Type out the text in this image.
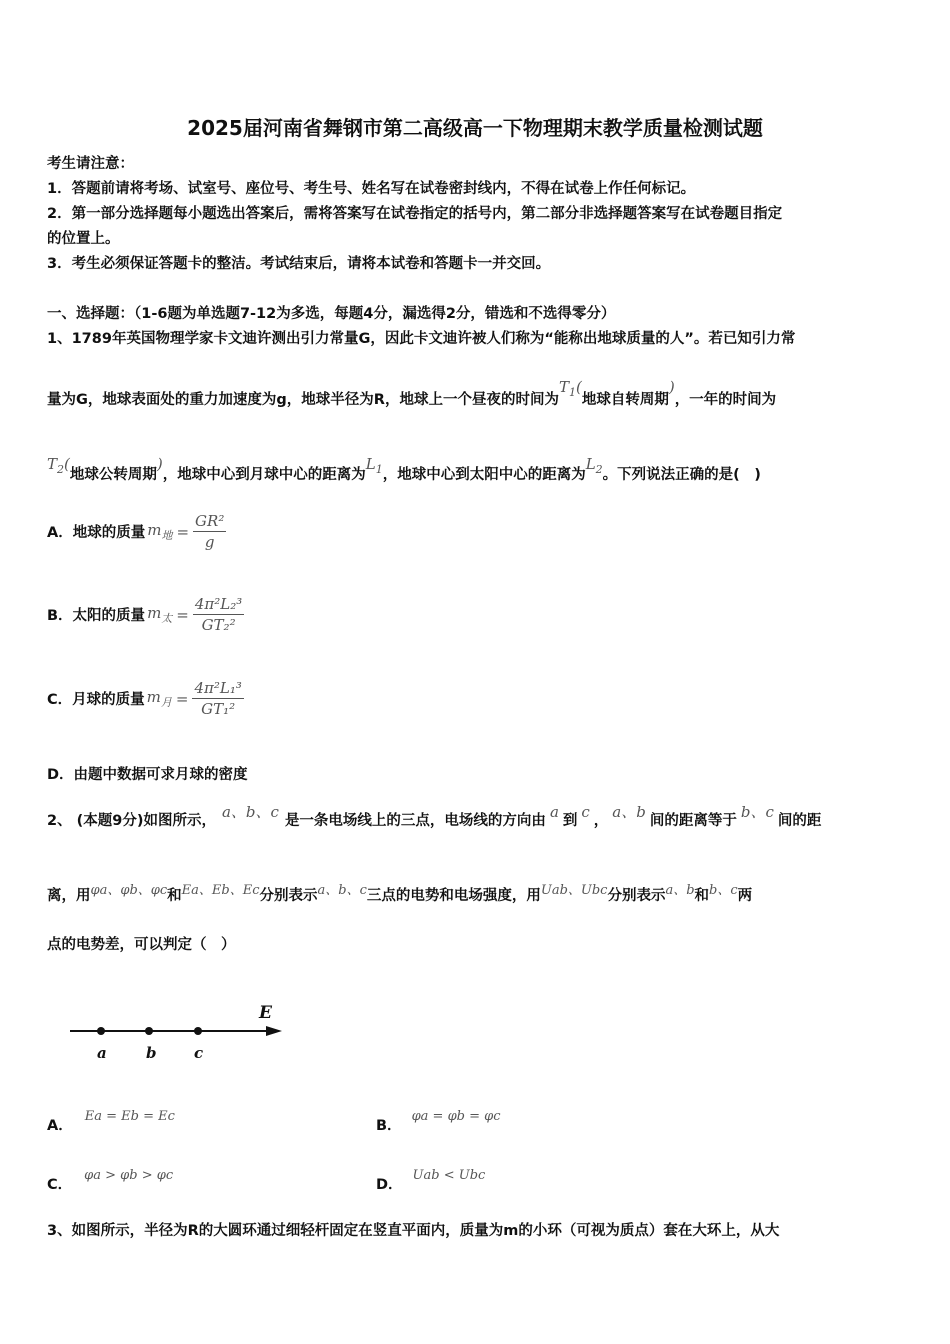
2025届河南省舞钢市第二高级高一下物理期末教学质量检测试题
考生请注意：
1．答题前请将考场、试室号、座位号、考生号、姓名写在试卷密封线内，不得在试卷上作任何标记。
2．第一部分选择题每小题选出答案后，需将答案写在试卷指定的括号内，第二部分非选择题答案写在试卷题目指定
的位置上。
3．考生必须保证答题卡的整洁。考试结束后，请将本试卷和答题卡一并交回。
一、选择题：（1-6题为单选题7-12为多选，每题4分，漏选得2分，错选和不选得零分）
1、1789年英国物理学家卡文迪许测出引力常量G，因此卡文迪许被人们称为“能称出地球质量的人”。若已知引力常
量为G，地球表面处的重力加速度为g，地球半径为R，地球上一个昼夜的时间为$T_1$(地球自转周期)，一年的时间为
$T_2$(地球公转周期)，地球中心到月球中心的距离为$L_1$，地球中心到太阳中心的距离为$L_2$。下列说法正确的是(　)
A．地球的质量 $m_地 = \frac{\text{GR²}}{g}$
B．太阳的质量 $m_太 = \frac{\text{4π²L₂³}}{\text{GT₂²}}$
C．月球的质量 $m_月 = \frac{\text{4π²L₁³}}{\text{GT₁²}}$
D．由题中数据可求月球的密度
2、 (本题9分)如图所示， a、b、c 是一条电场线上的三点，电场线的方向由 a 到 c ， a、b 间的距离等于 b、c 间的距
离，用φa、φb、φc和Ea、Eb、Ec分别表示a、b、c三点的电势和电场强度，用Uab、Ubc分别表示a、b和b、c两
点的电势差，可以判定（　）
E
a	b	c
A．Ea = Eb = Ec
B．φa = φb = φc
C．φa > φb > φc
D．Uab < Ubc
3、如图所示，半径为R的大圆环通过细轻杆固定在竖直平面内，质量为m的小环（可视为质点）套在大环上，从大
